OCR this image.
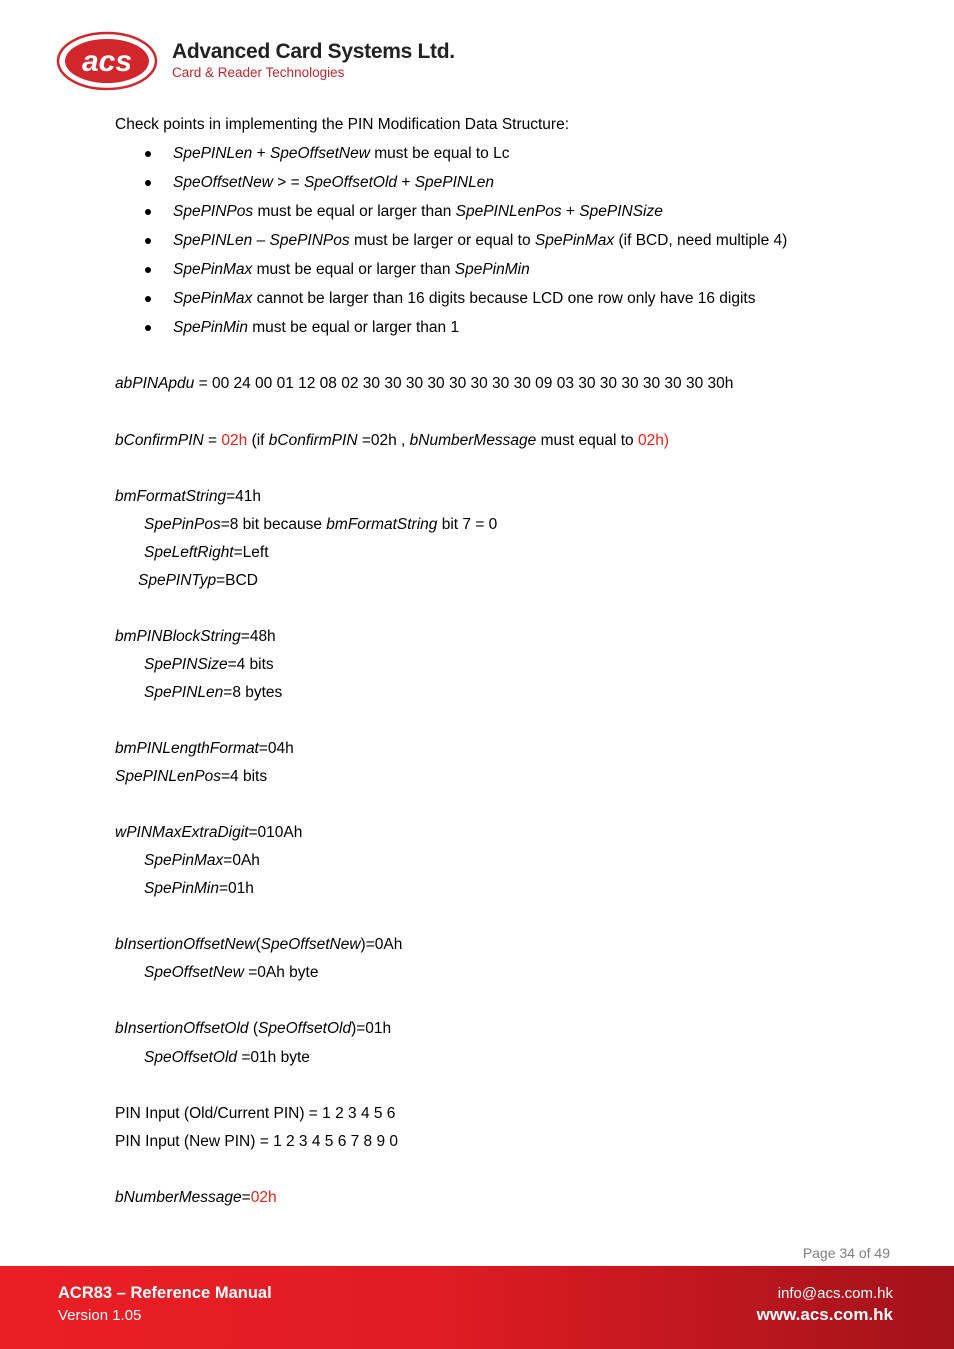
acs Advanced Card Systems Ltd.
Card & Reader Technologies
Check points in implementing the PIN Modification Data Structure:
SpePINLen + SpeOffsetNew must be equal to Lc
SpeOffsetNew > = SpeOffsetOld + SpePINLen
SpePINPos must be equal or larger than SpePINLenPos + SpePINSize
SpePINLen – SpePINPos must be larger or equal to SpePinMax (if BCD, need multiple 4)
SpePinMax must be equal or larger than SpePinMin
SpePinMax cannot be larger than 16 digits because LCD one row only have 16 digits
SpePinMin must be equal or larger than 1
abPINApdu = 00 24 00 01 12 08 02 30 30 30 30 30 30 30 30 09 03 30 30 30 30 30 30 30h
bConfirmPIN = 02h (if bConfirmPIN =02h , bNumberMessage must equal to 02h)
bmFormatString=41h
SpePinPos=8 bit because bmFormatString bit 7 = 0
SpeLeftRight=Left
SpePINTyp=BCD
bmPINBlockString=48h
SpePINSize=4 bits
SpePINLen=8 bytes
bmPINLengthFormat=04h
SpePINLenPos=4 bits
wPINMaxExtraDigit=010Ah
SpePinMax=0Ah
SpePinMin=01h
bInsertionOffsetNew(SpeOffsetNew)=0Ah
SpeOffsetNew =0Ah byte
bInsertionOffsetOld (SpeOffsetOld)=01h
SpeOffsetOld =01h byte
PIN Input (Old/Current PIN) = 1 2 3 4 5 6
PIN Input (New PIN) = 1 2 3 4 5 6 7 8 9 0
bNumberMessage=02h
Page 34 of 49
ACR83 – Reference Manual
Version 1.05
info@acs.com.hk
www.acs.com.hk
